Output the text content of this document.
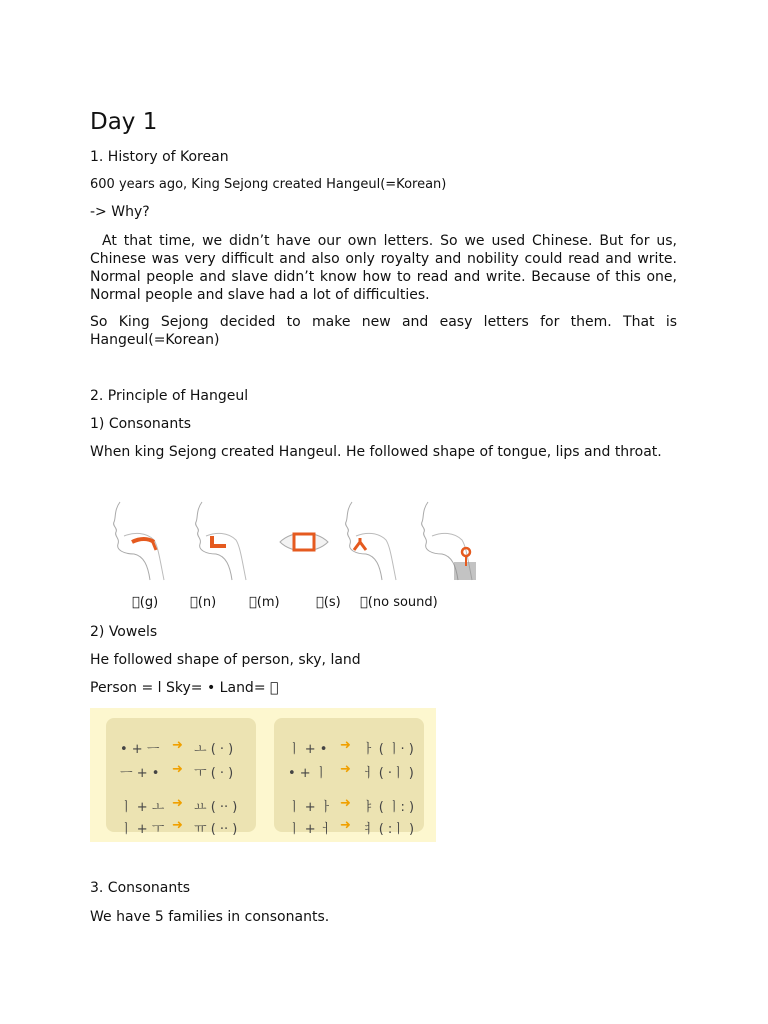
Day 1
1. History of Korean
600 years ago, King Sejong created Hangeul(=Korean)
-> Why?
At that time, we didn’t have our own letters. So we used Chinese. But for us, Chinese was very difficult and also only royalty and nobility could read and write. Normal people and slave didn’t know how to read and write. Because of this one, Normal people and slave had a lot of difficulties.
So King Sejong decided to make new and easy letters for them. That is Hangeul(=Korean)
2. Principle of Hangeul
1) Consonants
When king Sejong created Hangeul. He followed shape of tongue, lips and throat.
 (g)  (n)	 (m)	 (s)  (no sound)
2) Vowels
He followed shape of person, sky, land
Person = l Sky= • Land=  
• + ㅡ ➜ ㅗ ( · )
ㅡ + • ➜ ㅜ ( · )
ㅣ + ㅗ ➜ ㅛ ( ·· )
ㅣ + ㅜ ➜ ㅠ ( ·· )
ㅣ + • ➜ ㅏ ( ㅣ· )
• + ㅣ ➜ ㅓ ( ·ㅣ )
ㅣ + ㅏ ➜ ㅑ ( ㅣ: )
ㅣ + ㅓ ➜ ㅕ ( :ㅣ )
3. Consonants
We have 5 families in consonants.
